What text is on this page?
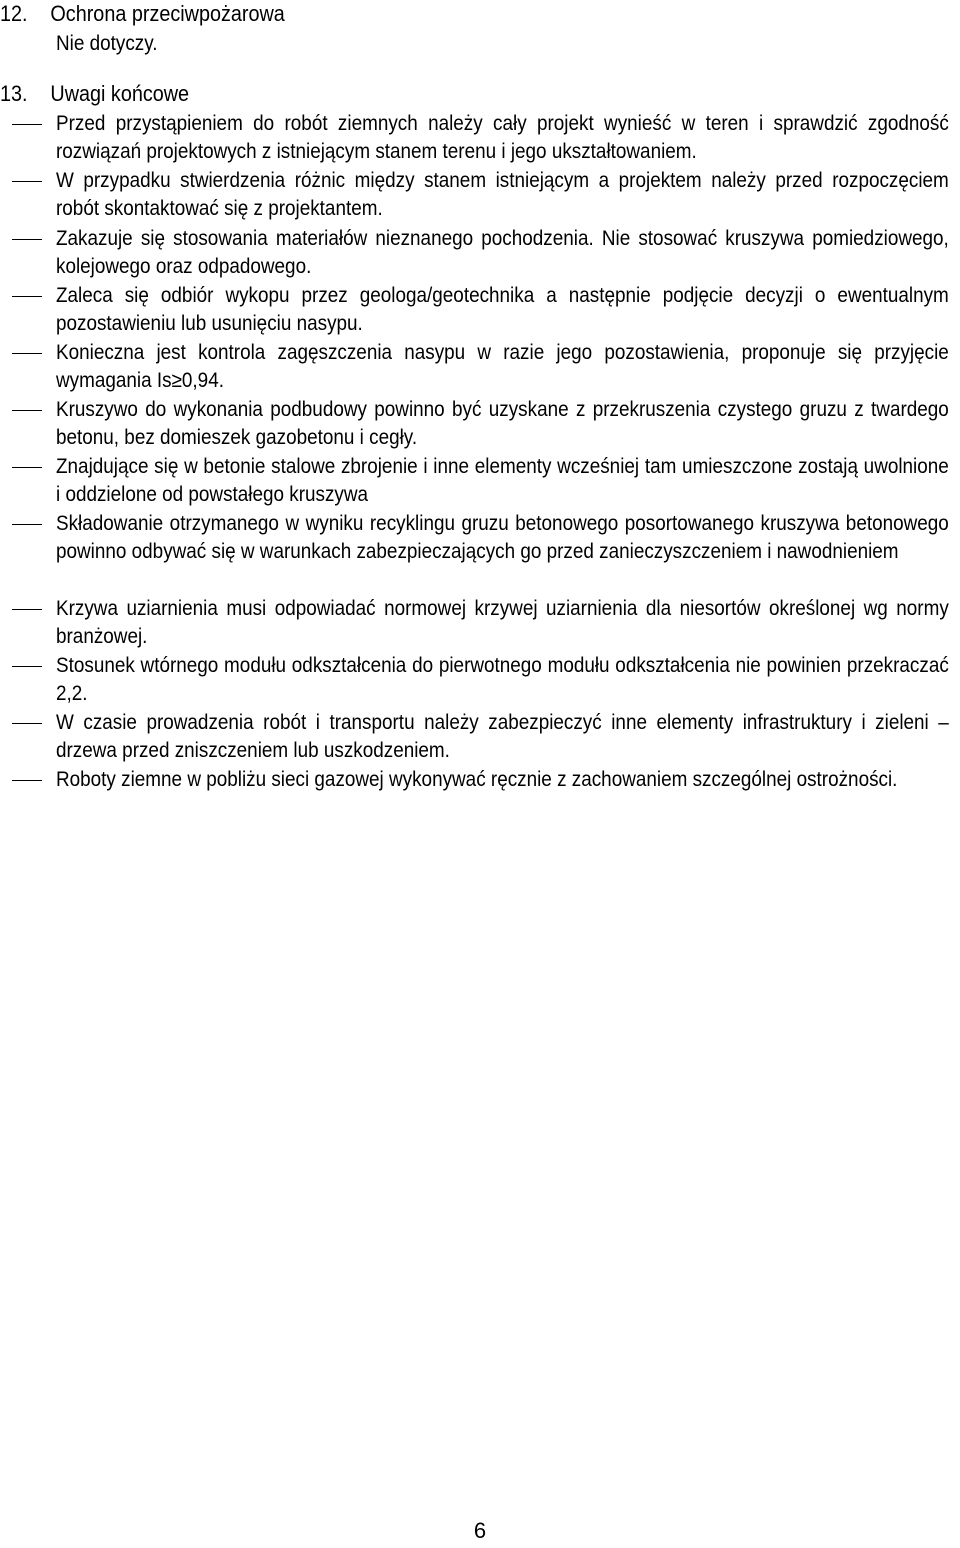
12. Ochrona przeciwpożarowa
Nie dotyczy.
13. Uwagi końcowe
Przed przystąpieniem do robót ziemnych należy cały projekt wynieść w teren i sprawdzić zgodność rozwiązań projektowych z istniejącym stanem terenu i jego ukształtowaniem.
W przypadku stwierdzenia różnic między stanem istniejącym a projektem należy przed rozpoczęciem robót skontaktować się z projektantem.
Zakazuje się stosowania materiałów nieznanego pochodzenia. Nie stosować kruszywa pomiedziowego, kolejowego oraz odpadowego.
Zaleca się odbiór wykopu przez geologa/geotechnika a następnie podjęcie decyzji o ewentualnym pozostawieniu lub usunięciu nasypu.
Konieczna jest kontrola zagęszczenia nasypu w razie jego pozostawienia, proponuje się przyjęcie wymagania Is≥0,94.
Kruszywo do wykonania podbudowy powinno być uzyskane z przekruszenia czystego gruzu z twardego betonu, bez domieszek gazobetonu i cegły.
Znajdujące się w betonie stalowe zbrojenie i inne elementy wcześniej tam umieszczone zostają uwolnione i oddzielone od powstałego kruszywa
Składowanie otrzymanego w wyniku recyklingu gruzu betonowego posortowanego kruszywa betonowego powinno odbywać się w warunkach zabezpieczających go przed zanieczyszczeniem i nawodnieniem
Krzywa uziarnienia musi odpowiadać normowej krzywej uziarnienia dla niesortów określonej wg normy branżowej.
Stosunek wtórnego modułu odkształcenia do pierwotnego modułu odkształcenia nie powinien przekraczać 2,2.
W czasie prowadzenia robót i transportu należy zabezpieczyć inne elementy infrastruktury i zieleni – drzewa przed zniszczeniem lub uszkodzeniem.
Roboty ziemne w pobliżu sieci gazowej wykonywać ręcznie z zachowaniem szczególnej ostrożności.
6
